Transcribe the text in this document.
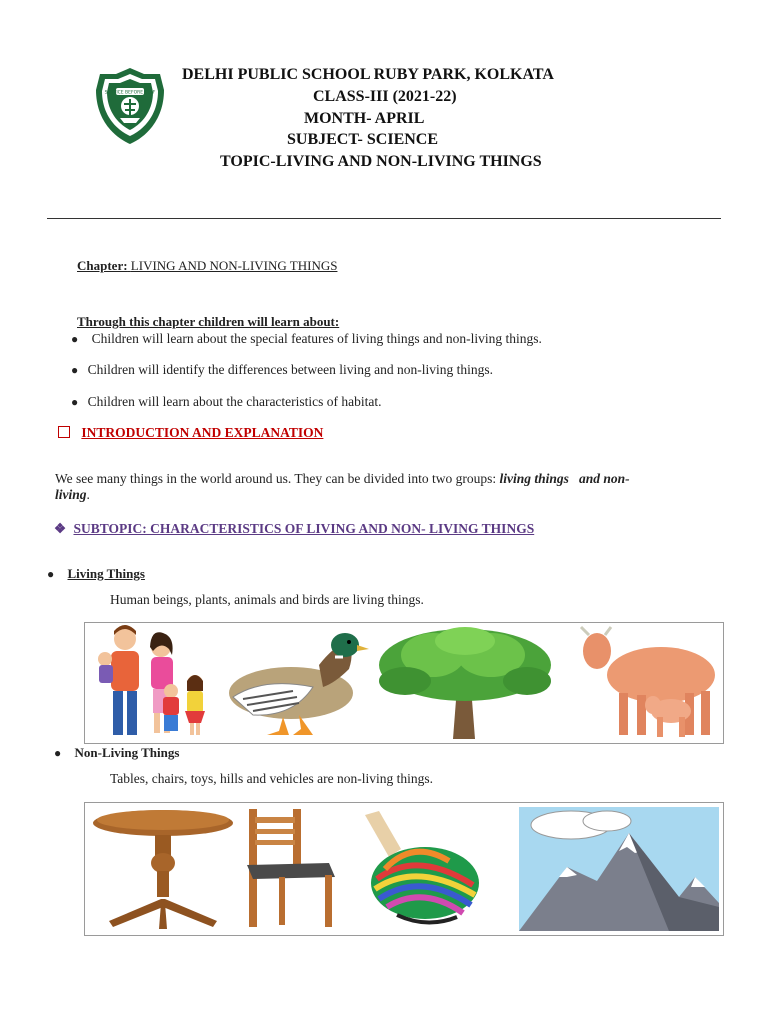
SERVICE BEFORE SELF
DELHI PUBLIC SCHOOL RUBY PARK, KOLKATA
CLASS-III (2021-22)
MONTH- APRIL
SUBJECT- SCIENCE
TOPIC-LIVING AND NON-LIVING THINGS
Chapter: LIVING AND NON-LIVING THINGS
Through this chapter children will learn about:
● Children will learn about the special features of living things and non-living things.
● Children will identify the differences between living and non-living things.
● Children will learn about the characteristics of habitat.
INTRODUCTION AND EXPLANATION
We see many things in the world around us. They can be divided into two groups: living things and non-
living.
❖ SUBTOPIC: CHARACTERISTICS OF LIVING AND NON- LIVING THINGS
● Living Things
Human beings, plants, animals and birds are living things.
● Non-Living Things
Tables, chairs, toys, hills and vehicles are non-living things.
